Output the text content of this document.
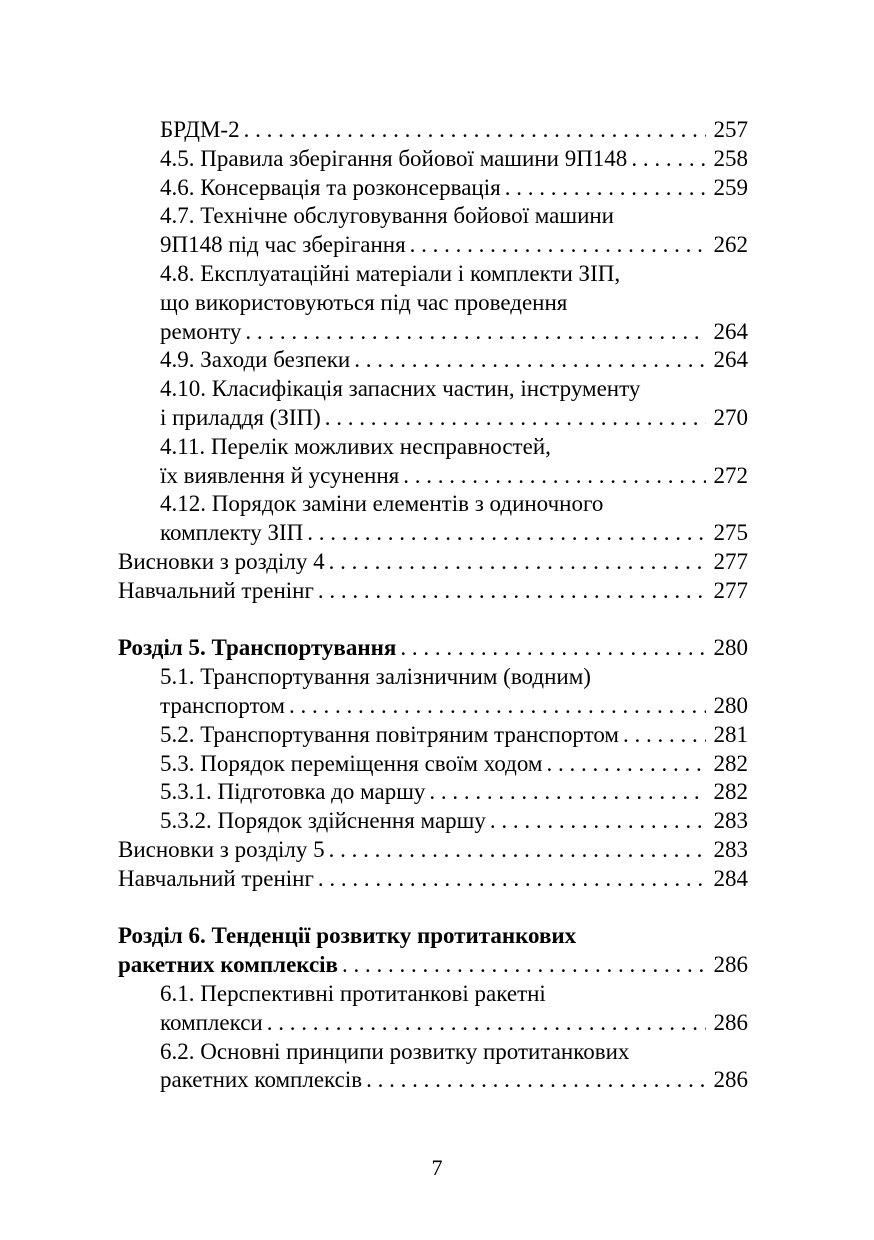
БРДМ-2 . . .	257
4.5. Правила зберігання бойової машини 9П148 . . .	258
4.6. Консервація та розконсервація . . .	259
4.7. Технічне обслуговування бойової машини
9П148 під час зберігання . . .	262
4.8. Експлуатаційні матеріали і комплекти ЗІП,
що використовуються під час проведення
ремонту . . .	264
4.9. Заходи безпеки . . .	264
4.10. Класифікація запасних частин, інструменту
і приладдя (ЗІП) . . .	270
4.11. Перелік можливих несправностей,
їх виявлення й усунення . . .	272
4.12. Порядок заміни елементів з одиночного
комплекту ЗІП . . .	275
Висновки з розділу 4 . . .	277
Навчальний тренінг . . .	277
Розділ 5. Транспортування . . .	280
5.1. Транспортування залізничним (водним)
транспортом . . .	280
5.2. Транспортування повітряним транспортом . . .	281
5.3. Порядок переміщення своїм ходом . . .	282
5.3.1. Підготовка до маршу . . .	282
5.3.2. Порядок здійснення маршу . . .	283
Висновки з розділу 5 . . .	283
Навчальний тренінг . . .	284
Розділ 6. Тенденції розвитку протитанкових
ракетних комплексів . . .	286
6.1. Перспективні протитанкові ракетні
комплекси . . .	286
6.2. Основні принципи розвитку протитанкових
ракетних комплексів . . .	286
7
